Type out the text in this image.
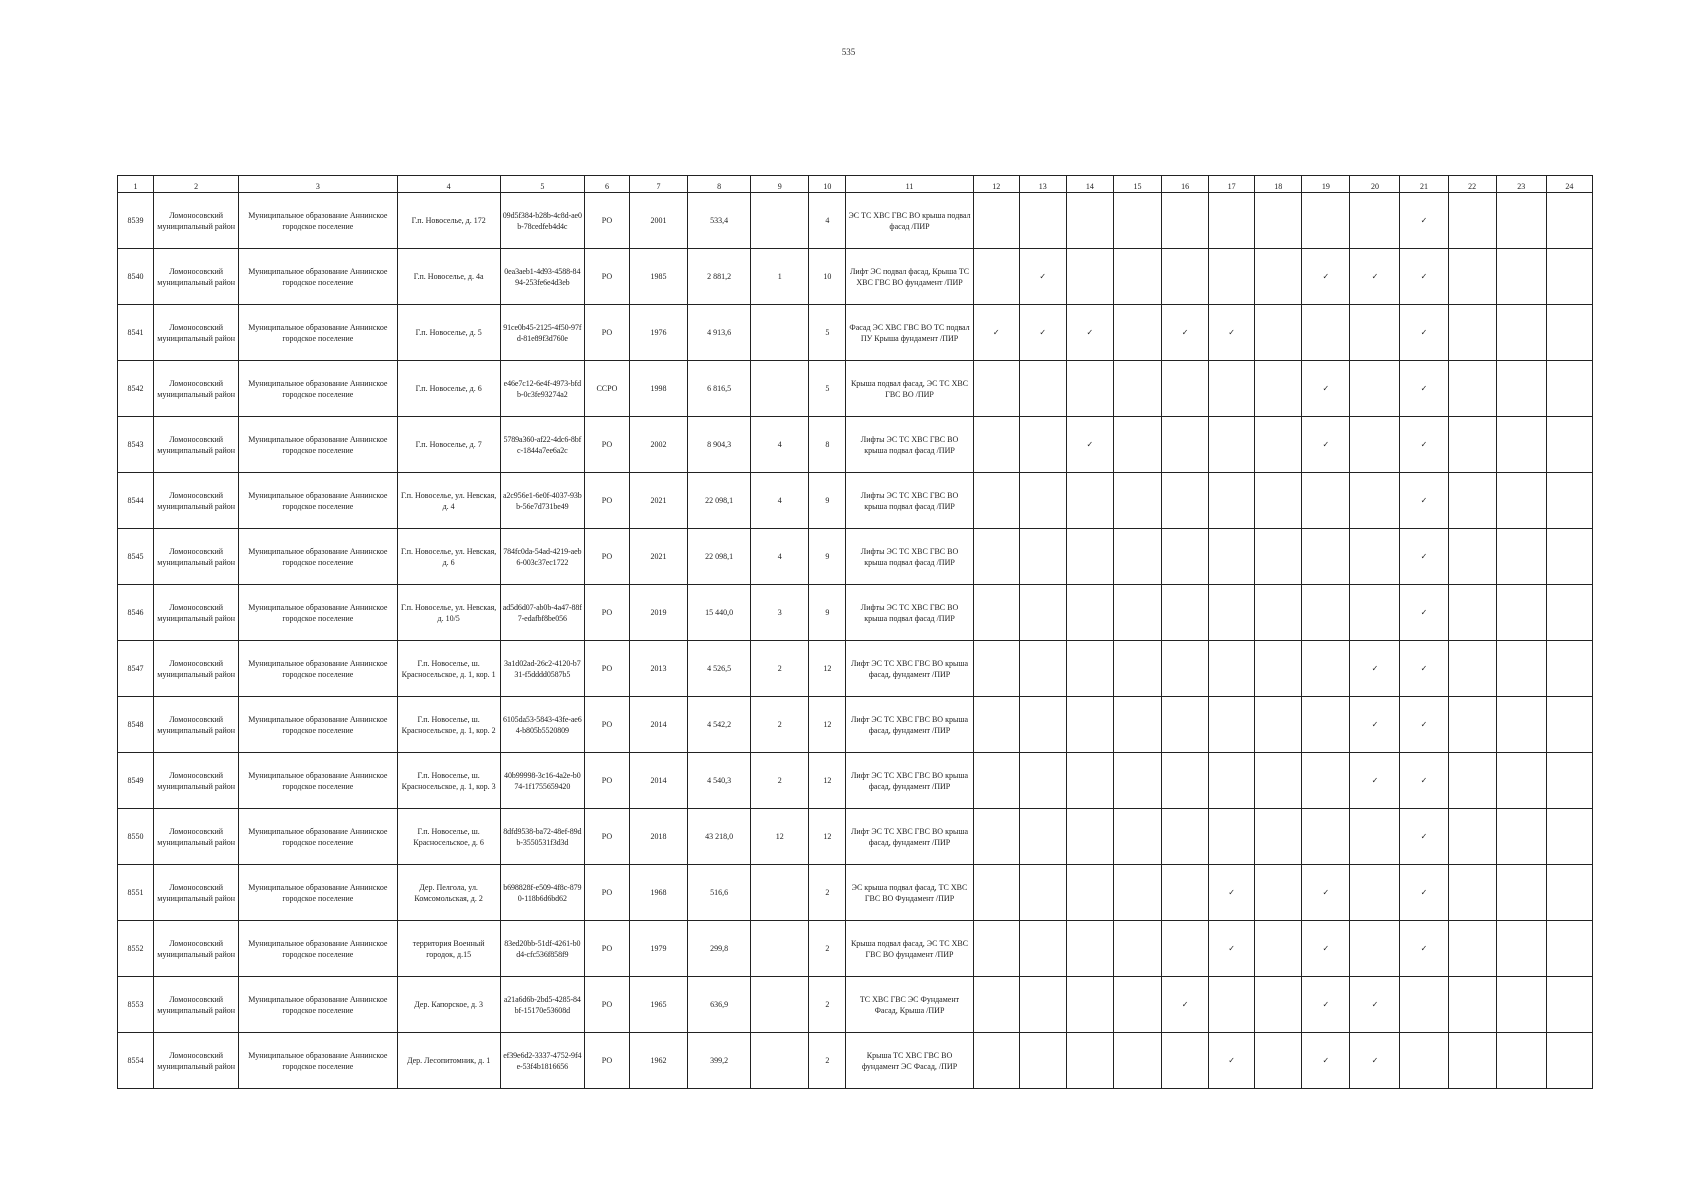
535
1	2	3	4	5	6	7	8	9	10	11	12	13	14	15	16	17	18	19	20	21	22	23	24
8539	Ломоносовский муниципальный район	Муниципальное образование Аннинское городское поселение	Г.п. Новоселье, д. 172	09d5f384-b28b-4c8d-ae0b-78cedfeb4d4c	РО	2001	533,4		4	ЭС ТС ХВС ГВС ВО крыша подвал фасад /ПИР										✓			
8540	Ломоносовский муниципальный район	Муниципальное образование Аннинское городское поселение	Г.п. Новоселье, д. 4а	0ea3aeb1-4d93-4588-8494-253fe6e4d3eb	РО	1985	2 881,2	1	10	Лифт ЭС подвал фасад, Крыша ТС ХВС ГВС ВО фундамент /ПИР		✓						✓	✓	✓			
8541	Ломоносовский муниципальный район	Муниципальное образование Аннинское городское поселение	Г.п. Новоселье, д. 5	91ce0b45-2125-4f50-97fd-81e89f3d760e	РО	1976	4 913,6		5	Фасад ЭС ХВС ГВС ВО ТС подвал ПУ Крыша фундамент /ПИР	✓	✓	✓		✓	✓				✓			
8542	Ломоносовский муниципальный район	Муниципальное образование Аннинское городское поселение	Г.п. Новоселье, д. 6	e46e7c12-6e4f-4973-bfdb-0c3fe93274a2	СCРО	1998	6 816,5		5	Крыша подвал фасад, ЭС ТС ХВС ГВС ВО /ПИР								✓		✓			
8543	Ломоносовский муниципальный район	Муниципальное образование Аннинское городское поселение	Г.п. Новоселье, д. 7	5789a360-af22-4dc6-8bfc-1844a7ee6a2c	РО	2002	8 904,3	4	8	Лифты ЭС ТС ХВС ГВС ВО крыша подвал фасад /ПИР			✓					✓		✓			
8544	Ломоносовский муниципальный район	Муниципальное образование Аннинское городское поселение	Г.п. Новоселье, ул. Невская, д. 4	a2c956e1-6e0f-4037-93bb-56e7d731be49	РО	2021	22 098,1	4	9	Лифты ЭС ТС ХВС ГВС ВО крыша подвал фасад /ПИР										✓			
8545	Ломоносовский муниципальный район	Муниципальное образование Аннинское городское поселение	Г.п. Новоселье, ул. Невская, д. 6	784fc0da-54ad-4219-aeb6-003c37ec1722	РО	2021	22 098,1	4	9	Лифты ЭС ТС ХВС ГВС ВО крыша подвал фасад /ПИР										✓			
8546	Ломоносовский муниципальный район	Муниципальное образование Аннинское городское поселение	Г.п. Новоселье, ул. Невская, д. 10/5	ad5d6d07-ab0b-4a47-88f7-edafbf8be056	РО	2019	15 440,0	3	9	Лифты ЭС ТС ХВС ГВС ВО крыша подвал фасад /ПИР										✓			
8547	Ломоносовский муниципальный район	Муниципальное образование Аннинское городское поселение	Г.п. Новоселье, ш. Красносельское, д. 1, кор. 1	3a1d02ad-26c2-4120-b731-f5dddd0587b5	РО	2013	4 526,5	2	12	Лифт ЭС ТС ХВС ГВС ВО крыша фасад, фундамент /ПИР									✓	✓			
8548	Ломоносовский муниципальный район	Муниципальное образование Аннинское городское поселение	Г.п. Новоселье, ш. Красносельское, д. 1, кор. 2	6105da53-5843-43fe-ae64-b805b5520809	РО	2014	4 542,2	2	12	Лифт ЭС ТС ХВС ГВС ВО крыша фасад, фундамент /ПИР									✓	✓			
8549	Ломоносовский муниципальный район	Муниципальное образование Аннинское городское поселение	Г.п. Новоселье, ш. Красносельское, д. 1, кор. 3	40b99998-3c16-4a2e-b074-1f1755659420	РО	2014	4 540,3	2	12	Лифт ЭС ТС ХВС ГВС ВО крыша фасад, фундамент /ПИР									✓	✓			
8550	Ломоносовский муниципальный район	Муниципальное образование Аннинское городское поселение	Г.п. Новоселье, ш. Красносельское, д. 6	8dfd9538-ba72-48ef-89db-3550531f3d3d	РО	2018	43 218,0	12	12	Лифт ЭС ТС ХВС ГВС ВО крыша фасад, фундамент /ПИР										✓			
8551	Ломоносовский муниципальный район	Муниципальное образование Аннинское городское поселение	Дер. Пелгола, ул. Комсомольская, д. 2	b698828f-e509-4f8c-8790-118b6d6bd62	РО	1968	516,6		2	ЭС крыша подвал фасад, ТС ХВС ГВС ВО Фундамент /ПИР						✓		✓		✓			
8552	Ломоносовский муниципальный район	Муниципальное образование Аннинское городское поселение	территория Военный городок, д.15	83ed20bb-51df-4261-b0d4-cfc536f858f9	РО	1979	299,8		2	Крыша подвал фасад, ЭС ТС ХВС ГВС ВО фундамент /ПИР						✓		✓		✓			
8553	Ломоносовский муниципальный район	Муниципальное образование Аннинское городское поселение	Дер. Капорское, д. 3	a21a6d6b-2bd5-4285-84bf-15170e53608d	РО	1965	636,9		2	ТС ХВС ГВС ЭС Фундамент Фасад, Крыша /ПИР					✓			✓	✓				
8554	Ломоносовский муниципальный район	Муниципальное образование Аннинское городское поселение	Дер. Лесопитомник, д. 1	ef39e6d2-3337-4752-9f4e-53f4b1816656	РО	1962	399,2		2	Крыша ТС ХВС ГВС ВО фундамент ЭС Фасад, /ПИР						✓		✓	✓				
